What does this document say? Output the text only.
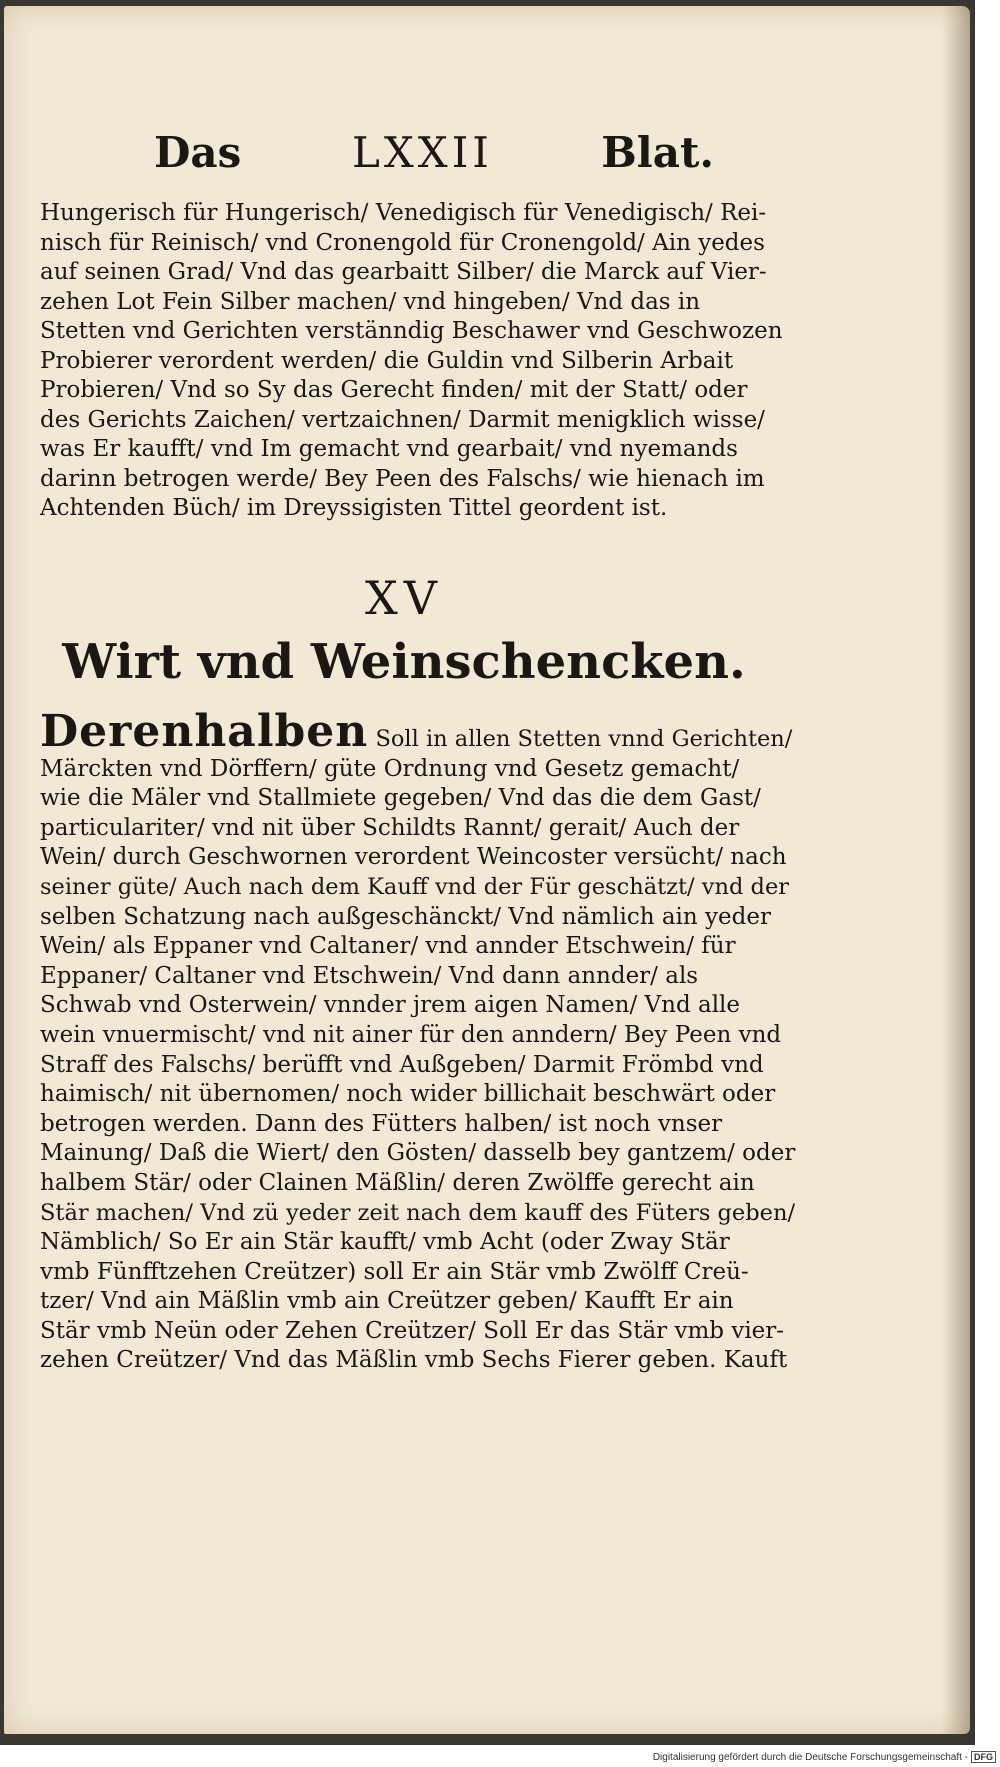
Das	LXXII	Blat.
Hungerisch für Hungerisch/ Venedigisch für Venedigisch/ Rei-
nisch für Reinisch/ vnd Cronengold für Cronengold/ Ain yedes
auf seinen Grad/ Vnd das gearbaitt Silber/ die Marck auf Vier-
zehen Lot Fein Silber machen/ vnd hingeben/ Vnd das in
Stetten vnd Gerichten verstänndig Beschawer vnd Geschwozen
Probierer verordent werden/ die Guldin vnd Silberin Arbait
Probieren/ Vnd so Sy das Gerecht finden/ mit der Statt/ oder
des Gerichts Zaichen/ vertzaichnen/ Darmit menigklich wisse/
was Er kaufft/ vnd Im gemacht vnd gearbait/ vnd nyemands
darinn betrogen werde/ Bey Peen des Falschs/ wie hienach im
Achtenden Büch/ im Dreyssigisten Tittel geordent ist.
XV
Wirt vnd Weinschencken.
Derenhalben Soll in allen Stetten vnnd Gerichten/
Märckten vnd Dörffern/ güte Ordnung vnd Gesetz gemacht/
wie die Mäler vnd Stallmiete gegeben/ Vnd das die dem Gast/
particulariter/ vnd nit über Schildts Rannt/ gerait/ Auch der
Wein/ durch Geschwornen verordent Weincoster versücht/ nach
seiner güte/ Auch nach dem Kauff vnd der Für geschätzt/ vnd der
selben Schatzung nach außgeschänckt/ Vnd nämlich ain yeder
Wein/ als Eppaner vnd Caltaner/ vnd annder Etschwein/ für
Eppaner/ Caltaner vnd Etschwein/ Vnd dann annder/ als
Schwab vnd Osterwein/ vnnder jrem aigen Namen/ Vnd alle
wein vnuermischt/ vnd nit ainer für den anndern/ Bey Peen vnd
Straff des Falschs/ berüfft vnd Außgeben/ Darmit Frömbd vnd
haimisch/ nit übernomen/ noch wider billichait beschwärt oder
betrogen werden. Dann des Fütters halben/ ist noch vnser
Mainung/ Daß die Wiert/ den Gösten/ dasselb bey gantzem/ oder
halbem Stär/ oder Clainen Mäßlin/ deren Zwölffe gerecht ain
Stär machen/ Vnd zü yeder zeit nach dem kauff des Füters geben/
Nämblich/ So Er ain Stär kaufft/ vmb Acht (oder Zway Stär
vmb Fünfftzehen Creützer) soll Er ain Stär vmb Zwölff Creü-
tzer/ Vnd ain Mäßlin vmb ain Creützer geben/ Kaufft Er ain
Stär vmb Neün oder Zehen Creützer/ Soll Er das Stär vmb vier-
zehen Creützer/ Vnd das Mäßlin vmb Sechs Fierer geben. Kauft
Digitalisierung gefördert durch die Deutsche Forschungsgemeinschaft - DFG
